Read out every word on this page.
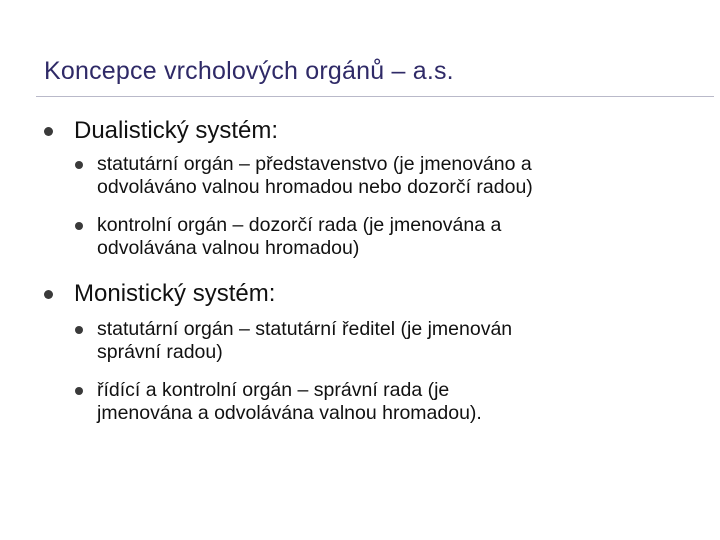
Koncepce vrcholových orgánů – a.s.
Dualistický systém:
statutární orgán – představenstvo (je jmenováno a
odvoláváno valnou hromadou nebo dozorčí radou)
kontrolní orgán – dozorčí rada (je jmenována a
odvolávána valnou hromadou)
Monistický systém:
statutární orgán – statutární ředitel (je jmenován
správní radou)
řídící a kontrolní orgán – správní rada (je
jmenována a odvolávána valnou hromadou).
